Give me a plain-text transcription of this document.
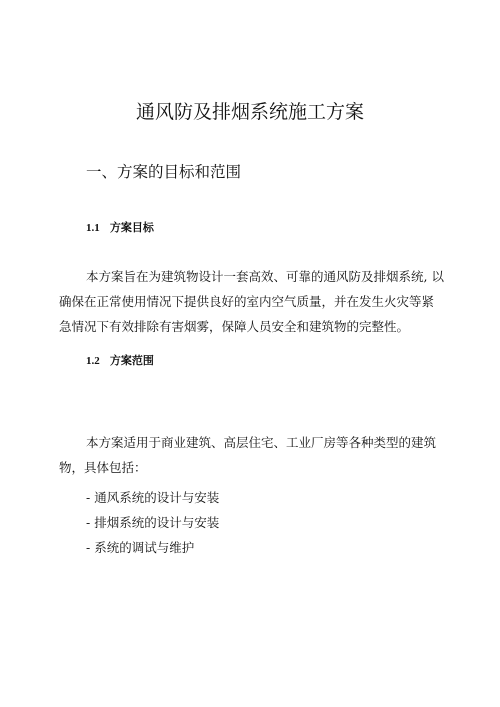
通风防及排烟系统施工方案
一、方案的目标和范围
1.1 方案目标

本方案旨在为建筑物设计一套高效、可靠的通风防及排烟系统, 以
确保在正常使用情况下提供良好的室内空气质量，并在发生火灾等紧
急情况下有效排除有害烟雾，保障人员安全和建筑物的完整性。

1.2 方案范围

本方案适用于商业建筑、高层住宅、工业厂房等各种类型的建筑
物，具体包括：

- 通风系统的设计与安装
- 排烟系统的设计与安装
- 系统的调试与维护
